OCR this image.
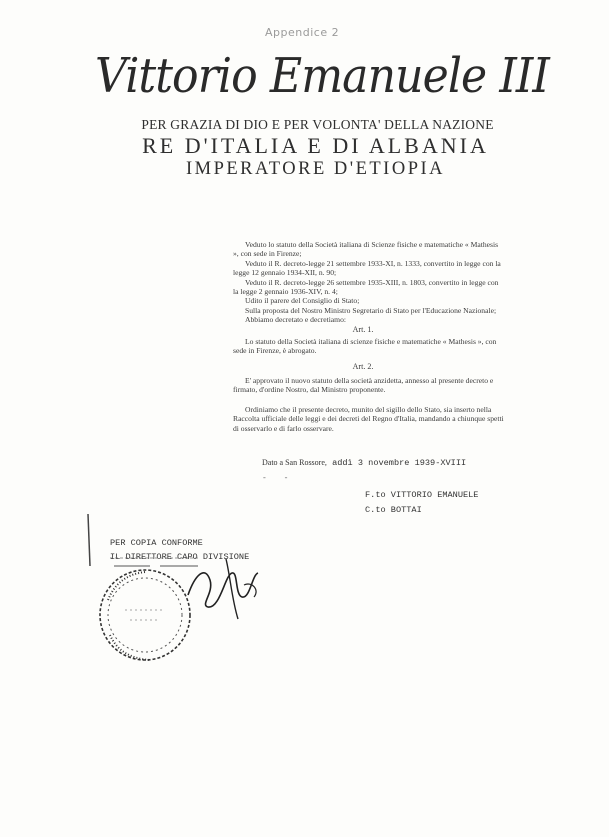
Appendice 2
Vittorio Emanuele III
PER GRAZIA DI DIO E PER VOLONTA' DELLA NAZIONE
RE D'ITALIA E DI ALBANIA
IMPERATORE D'ETIOPIA

Veduto lo statuto della Società italiana di Scienze fisiche e matematiche « Mathesis », con sede in Firenze;

Veduto il R. decreto-legge 21 settembre 1933-XI, n. 1333, convertito in legge con la legge 12 gennaio 1934-XII, n. 90;

Veduto il R. decreto-legge 26 settembre 1935-XIII, n. 1803, convertito in legge con la legge 2 gennaio 1936-XIV, n. 4;

Udito il parere del Consiglio di Stato;

Sulla proposta del Nostro Ministro Segretario di Stato per l'Educazione Nazionale;

Abbiamo decretato e decretiamo:

Art. 1.

Lo statuto della Società italiana di scienze fisiche e matematiche « Mathesis », con sede in Firenze, è abrogato.

Art. 2.

E' approvato il nuovo statuto della società anzidetta, annesso al presente decreto e firmato, d'ordine Nostro, dal Ministro proponente.

Ordiniamo che il presente decreto, munito del sigillo dello Stato, sia inserto nella Raccolta ufficiale delle leggi e dei decreti del Regno d'Italia, mandando a chiunque spetti di osservarlo e di farlo osservare.

Dato a San Rossore, addì 3 novembre 1939-XVIII
- -
F.to VITTORIO EMANUELE
C.to BOTTAI
PER COPIA CONFORME
IL DIRETTORE CAPO DIVISIONE
